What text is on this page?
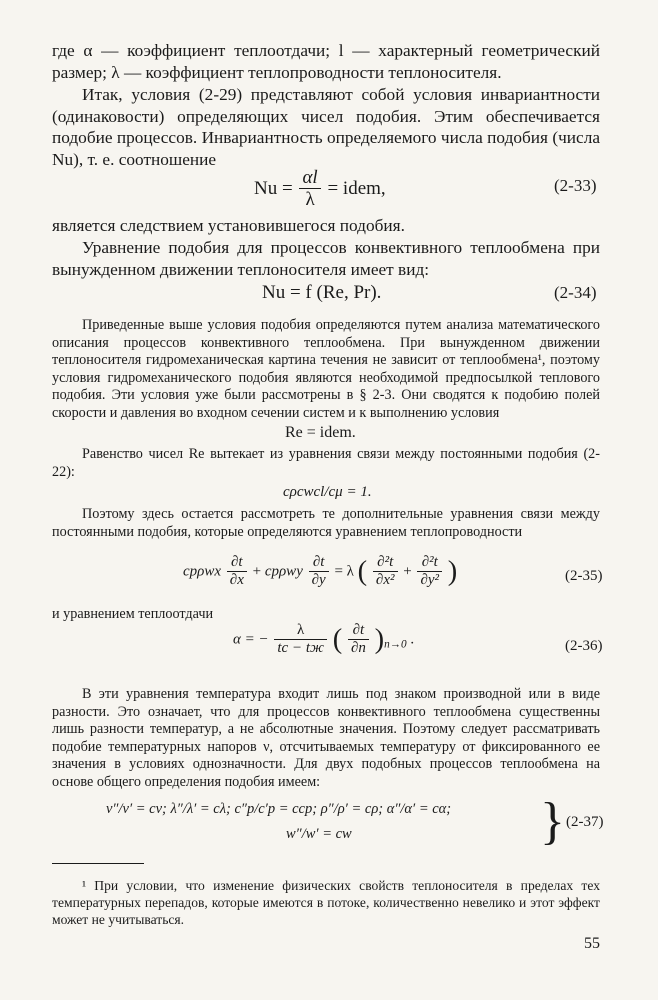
где α — коэффициент теплоотдачи; l — характерный геометрический размер; λ — коэффициент теплопроводности теплоносителя.

Итак, условия (2-29) представляют собой условия инвариантности (одинаковости) определяющих чисел подобия. Этим обеспечивается подобие процессов. Инвариантность определяемого числа подобия (числа Nu), т. е. соотношение

$Nu = \frac{\alpha l}{\lambda}$ = idem,	(2-33)

является следствием установившегося подобия.

Уравнение подобия для процессов конвективного теплообмена при вынужденном движении теплоносителя имеет вид:

Nu = f (Re, Pr).	(2-34)

Приведенные выше условия подобия определяются путем анализа математического описания процессов конвективного теплообмена. При вынужденном движении теплоносителя гидромеханическая картина течения не зависит от теплообмена¹, поэтому условия гидромеханического подобия являются необходимой предпосылкой теплового подобия. Эти условия уже были рассмотрены в § 2-3. Они сводятся к подобию полей скорости и давления во входном сечении систем и к выполнению условия

Re = idem.

Равенство чисел Re вытекает из уравнения связи между постоянными подобия (2-22):

cρcwcl/cμ = 1.

Поэтому здесь остается рассмотреть те дополнительные уравнения связи между постоянными подобия, которые определяются уравнением теплопроводности

cpρwx $\frac{\partial t}{\partial x} + cp\rho wy \frac{\partial t}{\partial y} = \lambda$ ( $\frac{\text{∂²t}}{\text{∂x²}} + \frac{\text{∂²t}}{\text{∂y²}}$ )	(2-35)

и уравнением теплоотдачи

α = − $\frac{\lambda}{tc - tж}$ ( $\frac{\partial t}{\partial n} )_{n\to 0}$ .	(2-36)

В эти уравнения температура входит лишь под знаком производной или в виде разности. Это означает, что для процессов конвективного теплообмена существенны лишь разности температур, а не абсолютные значения. Поэтому следует рассматривать подобие температурных напоров ν, отсчитываемых температуру от фиксированного ее значения в условиях однозначности. Для двух подобных процессов теплообмена на основе общего определения подобия имеем:

ν″/ν′ = cν; λ″/λ′ = cλ; c″p/c′p = ccp; ρ″/ρ′ = cρ; α″/α′ = cα;
w″/w′ = cw	} (2-37)

¹ При условии, что изменение физических свойств теплоносителя в пределах тех температурных перепадов, которые имеются в потоке, количественно невелико и этот эффект может не учитываться.

55
